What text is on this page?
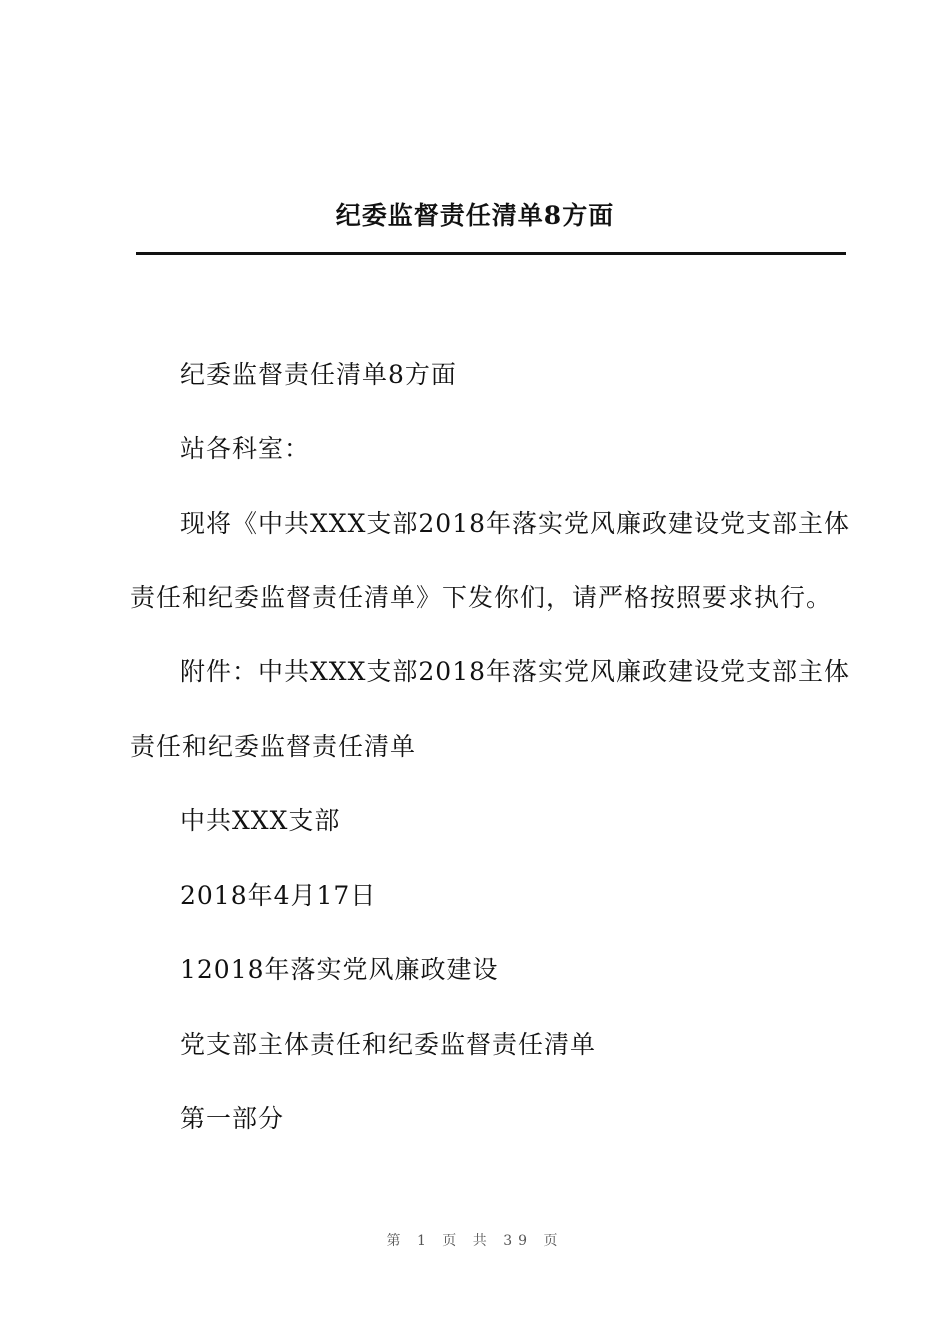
纪委监督责任清单8方面
纪委监督责任清单8方面
站各科室：
现将《中共XXX支部2018年落实党风廉政建设党支部主体
责任和纪委监督责任清单》下发你们，请严格按照要求执行。
附件：中共XXX支部2018年落实党风廉政建设党支部主体
责任和纪委监督责任清单
中共XXX支部
2018年4月17日
12018年落实党风廉政建设
党支部主体责任和纪委监督责任清单
第一部分
第 1 页 共 39 页
